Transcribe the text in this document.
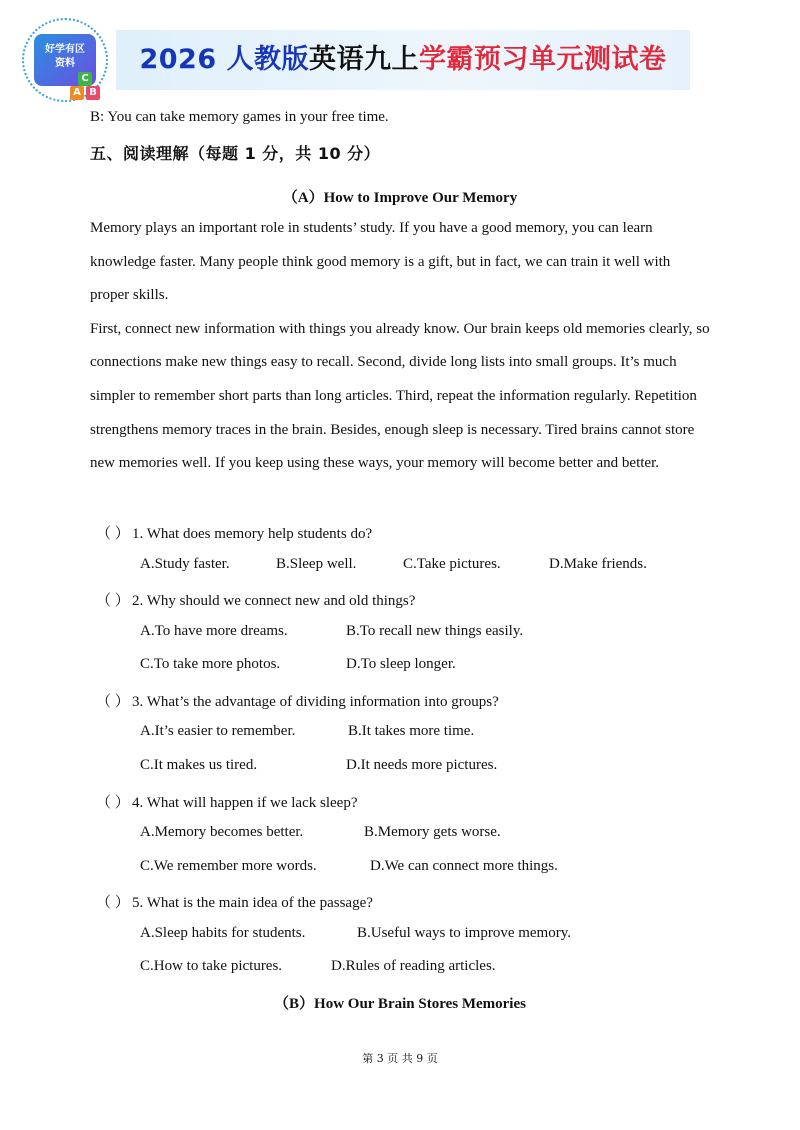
好学有区
资料
C
A B
2026 人教版英语九上学霸预习单元测试卷
B: You can take memory games in your free time.
五、阅读理解（每题 1 分，共 10 分）
（A）How to Improve Our Memory

Memory plays an important role in students’ study. If you have a good memory, you can learn knowledge faster. Many people think good memory is a gift, but in fact, we can train it well with proper skills.

First, connect new information with things you already know. Our brain keeps old memories clearly, so connections make new things easy to recall. Second, divide long lists into small groups. It’s much simpler to remember short parts than long articles. Third, repeat the information regularly. Repetition strengthens memory traces in the brain. Besides, enough sleep is necessary. Tired brains cannot store new memories well. If you keep using these ways, your memory will become better and better.

（ ） 1. What does memory help students do?
A.Study faster.	B.Sleep well.	C.Take pictures.	D.Make friends.
（ ） 2. Why should we connect new and old things?
A.To have more dreams.	B.To recall new things easily.
C.To take more photos.	D.To sleep longer.
（ ） 3. What’s the advantage of dividing information into groups?
A.It’s easier to remember.	B.It takes more time.
C.It makes us tired.	D.It needs more pictures.
（ ） 4. What will happen if we lack sleep?
A.Memory becomes better.	B.Memory gets worse.
C.We remember more words.	D.We can connect more things.
（ ） 5. What is the main idea of the passage?
A.Sleep habits for students.	B.Useful ways to improve memory.
C.How to take pictures.	D.Rules of reading articles.
（B）How Our Brain Stores Memories
第 3 页 共 9 页
